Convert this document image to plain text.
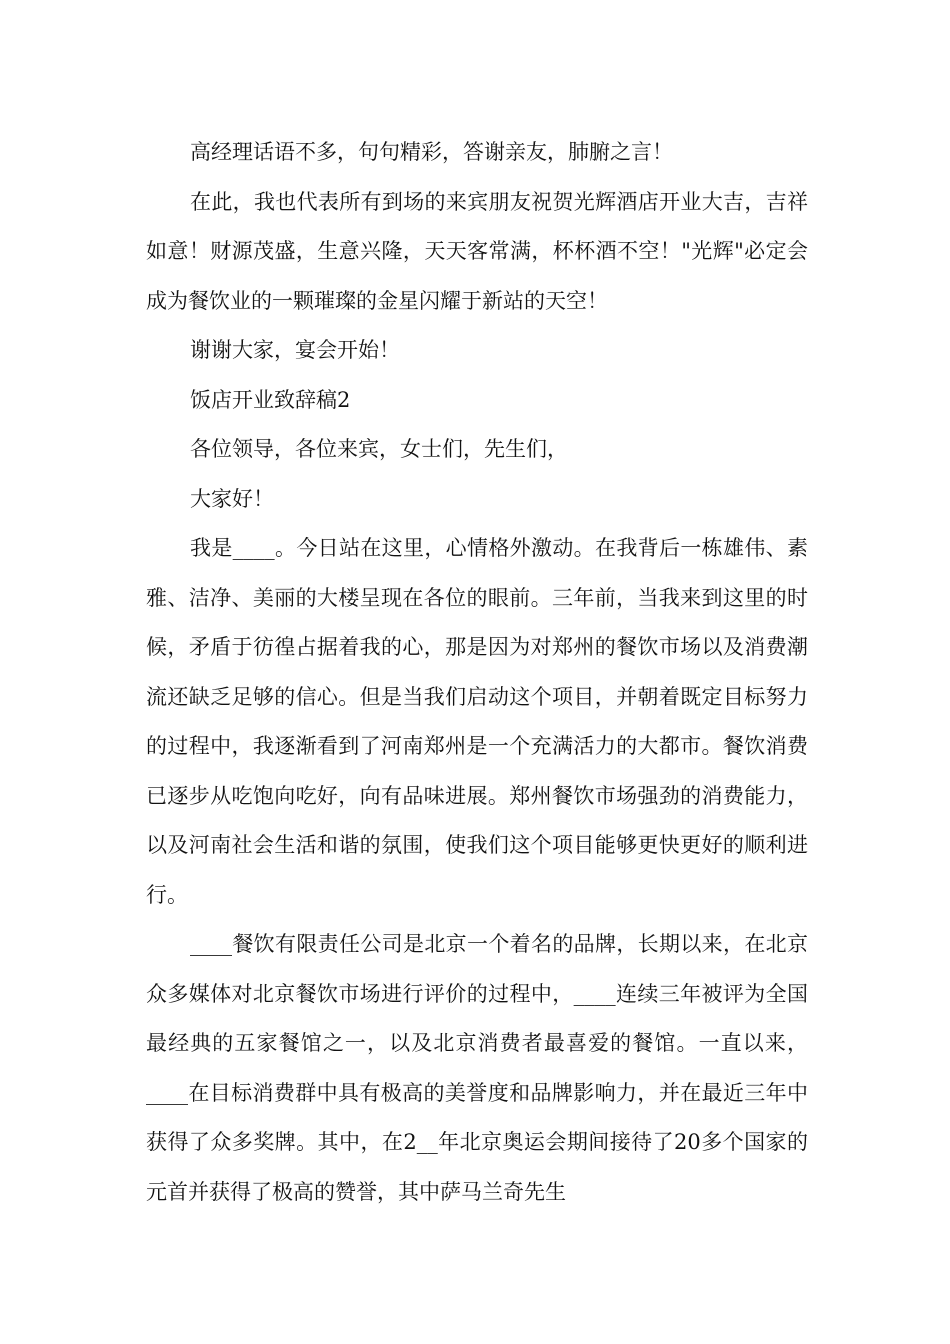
高经理话语不多，句句精彩，答谢亲友，肺腑之言！

在此，我也代表所有到场的来宾朋友祝贺光辉酒店开业大吉，吉祥如意！财源茂盛，生意兴隆，天天客常满，杯杯酒不空！"光辉"必定会成为餐饮业的一颗璀璨的金星闪耀于新站的天空！

谢谢大家，宴会开始！

饭店开业致辞稿2

各位领导，各位来宾，女士们，先生们，

大家好！

我是____。今日站在这里，心情格外激动。在我背后一栋雄伟、素雅、洁净、美丽的大楼呈现在各位的眼前。三年前，当我来到这里的时候，矛盾于彷徨占据着我的心，那是因为对郑州的餐饮市场以及消费潮流还缺乏足够的信心。但是当我们启动这个项目，并朝着既定目标努力的过程中，我逐渐看到了河南郑州是一个充满活力的大都市。餐饮消费已逐步从吃饱向吃好，向有品味进展。郑州餐饮市场强劲的消费能力，以及河南社会生活和谐的氛围，使我们这个项目能够更快更好的顺利进行。

____餐饮有限责任公司是北京一个着名的品牌，长期以来，在北京众多媒体对北京餐饮市场进行评价的过程中，____连续三年被评为全国最经典的五家餐馆之一，以及北京消费者最喜爱的餐馆。一直以来，____在目标消费群中具有极高的美誉度和品牌影响力，并在最近三年中获得了众多奖牌。其中，在2__年北京奥运会期间接待了20多个国家的元首并获得了极高的赞誉，其中萨马兰奇先生
